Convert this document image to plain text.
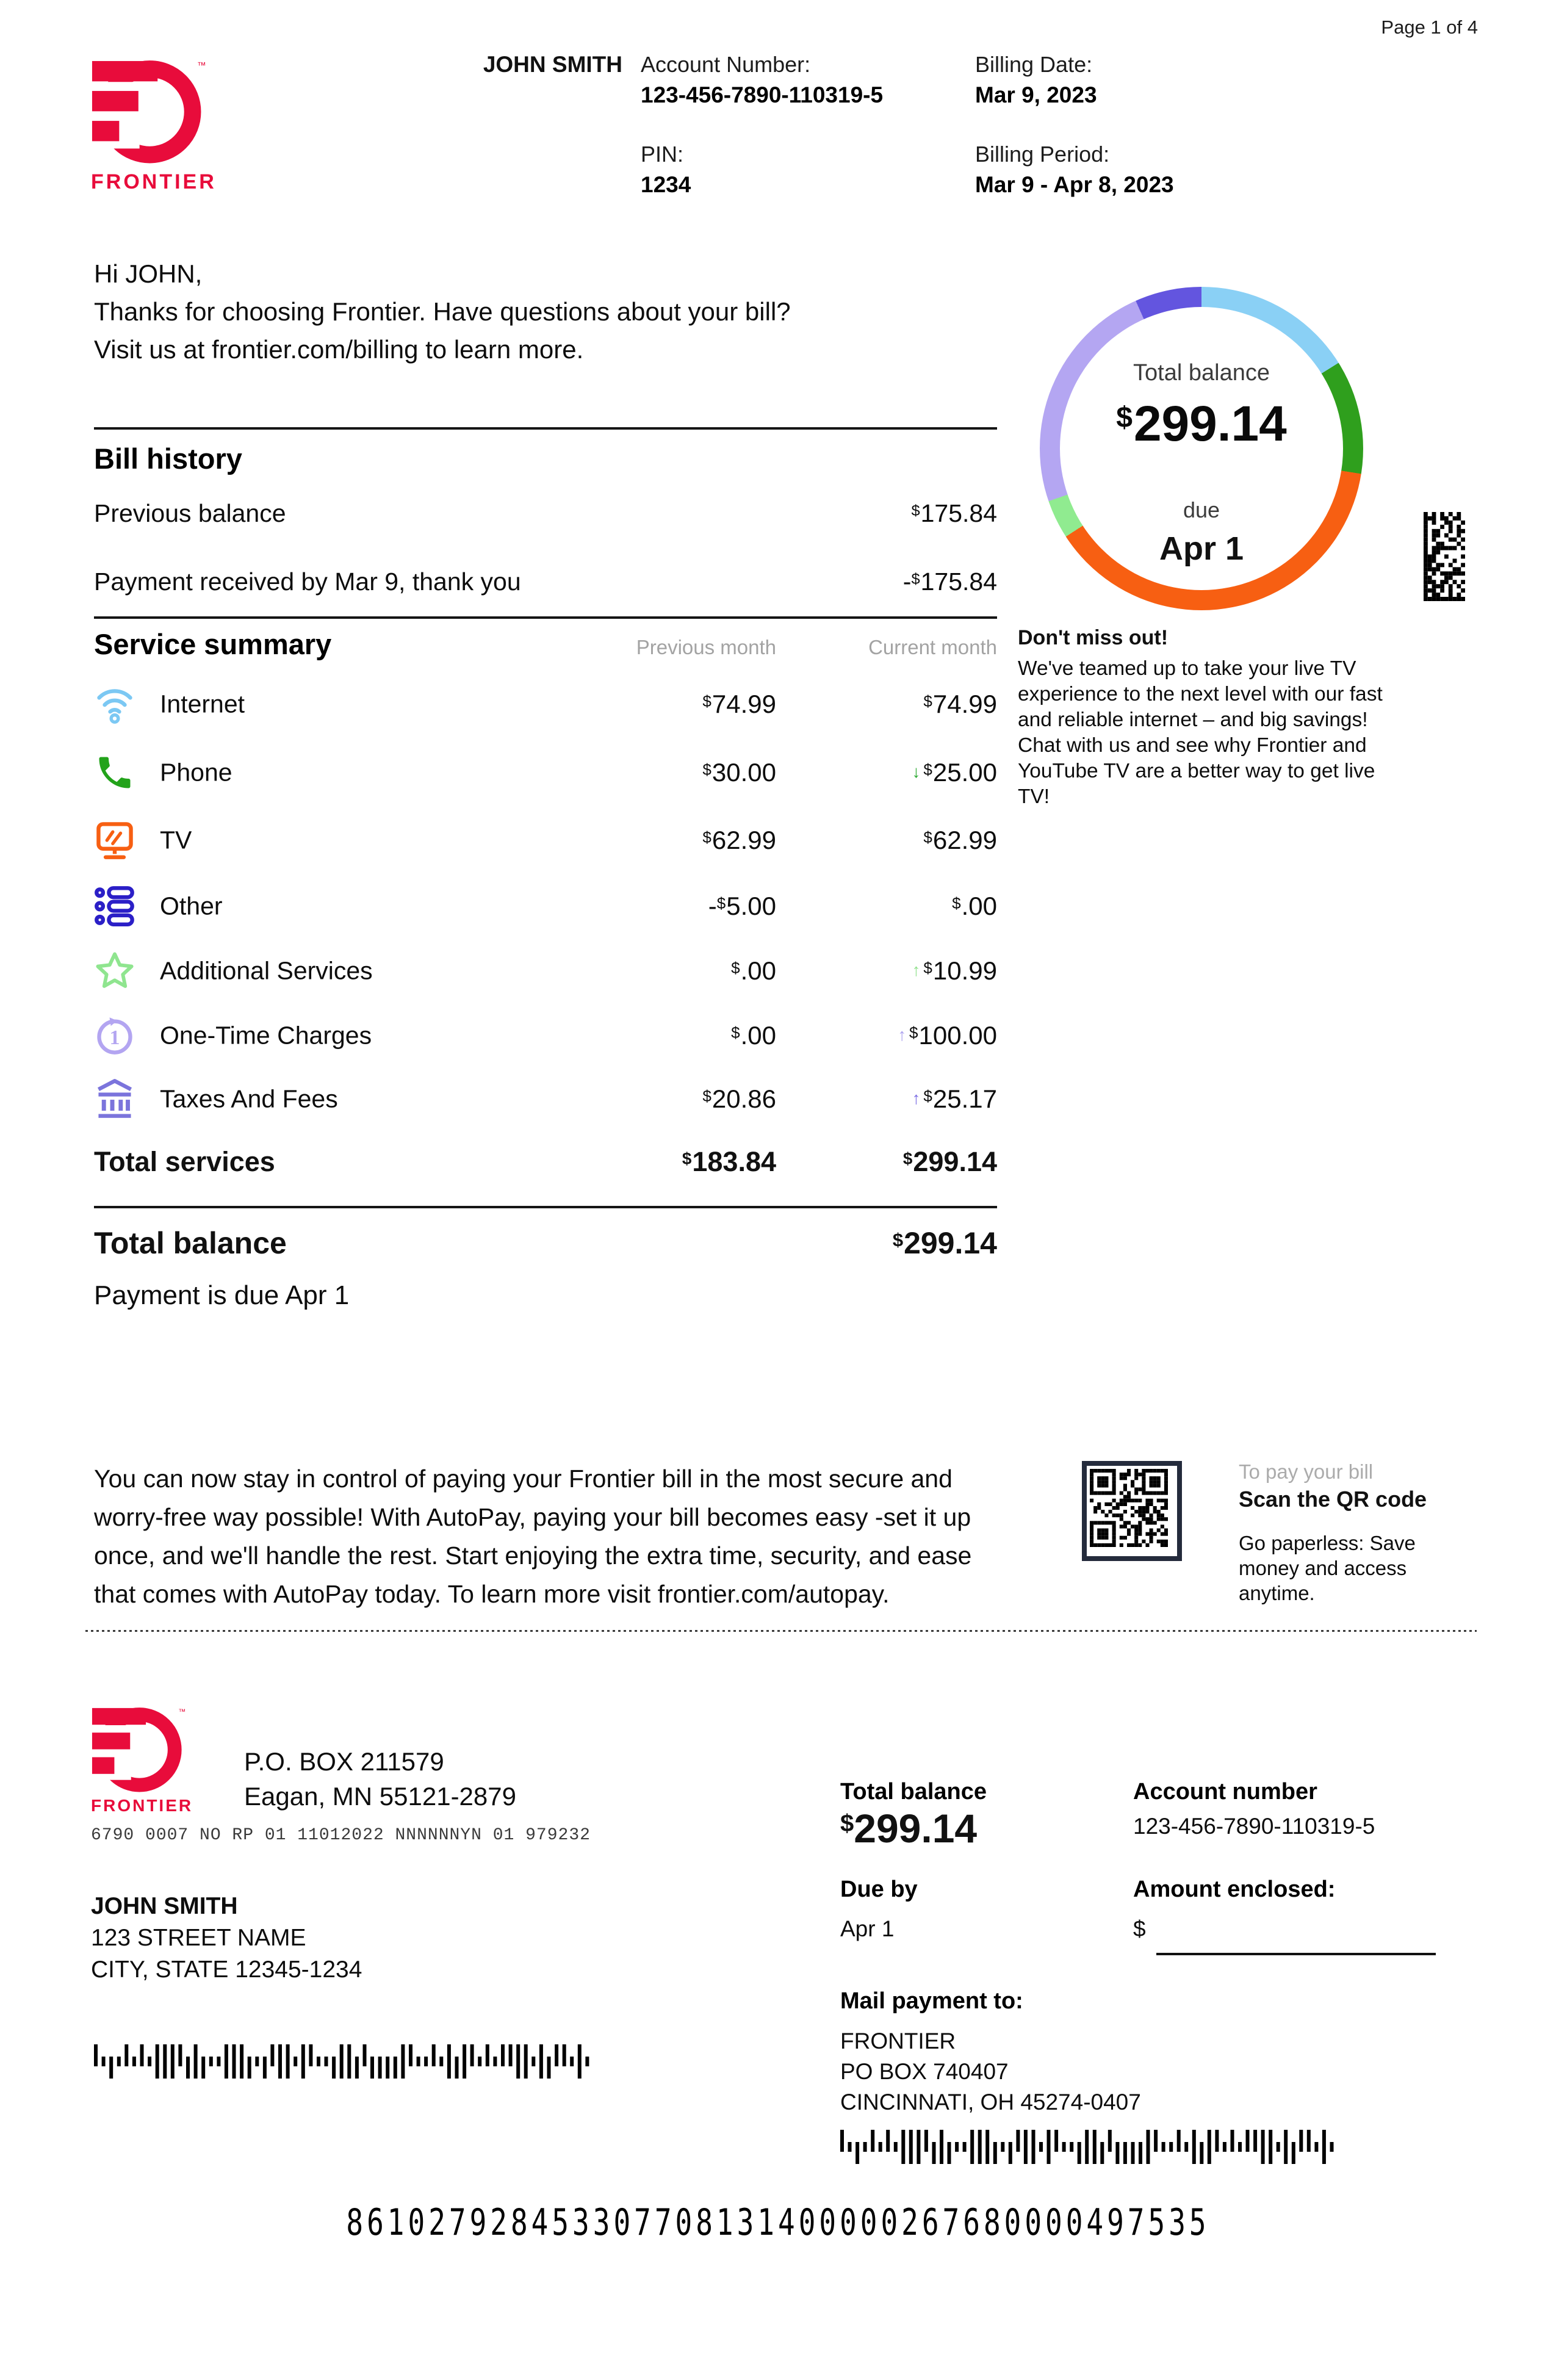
Page 1 of 4
™
FRONTIER
JOHN SMITH Account Number:
123-456-7890-110319-5
PIN:
1234
Billing Date:
Mar 9, 2023
Billing Period:
Mar 9 - Apr 8, 2023
Hi JOHN,
Thanks for choosing Frontier. Have questions about your bill?
Visit us at frontier.com/billing to learn more.
Total balance
$299.14
due
Apr 1
Bill history
Previous balance	$175.84
Payment received by Mar 9, thank you	-$175.84
Service summary	Previous month	Current month
Internet	$74.99	$74.99
Phone	$30.00	↓ $25.00
TV	$62.99	$62.99
Other	-$5.00	$.00
Additional Services	$.00	↑ $10.99
1 One-Time Charges	$.00	↑ $100.00
Taxes And Fees	$20.86	↑ $25.17
Total services	$183.84	$299.14
Total balance	$299.14
Payment is due Apr 1
Don't miss out!
We've teamed up to take your live TV experience to the next level with our fast and reliable internet – and big savings! Chat with us and see why Frontier and YouTube TV are a better way to get live TV!
You can now stay in control of paying your Frontier bill in the most secure and worry-free way possible! With AutoPay, paying your bill becomes easy -set it up once, and we'll handle the rest. Start enjoying the extra time, security, and ease that comes with AutoPay today. To learn more visit frontier.com/autopay.
To pay your bill
Scan the QR code
Go paperless: Save money and access anytime.
™
FRONTIER
P.O. BOX 211579
Eagan, MN 55121-2879
6790 0007 NO RP 01 11012022 NNNNNNYN 01 979232
JOHN SMITH
123 STREET NAME
CITY, STATE 12345-1234
Total balance
$299.14
Account number
123-456-7890-110319-5
Due by
Apr 1
Amount enclosed:
$
Mail payment to:
FRONTIER
PO BOX 740407
CINCINNATI, OH 45274-0407
861027928453307708131400000267680000497535
